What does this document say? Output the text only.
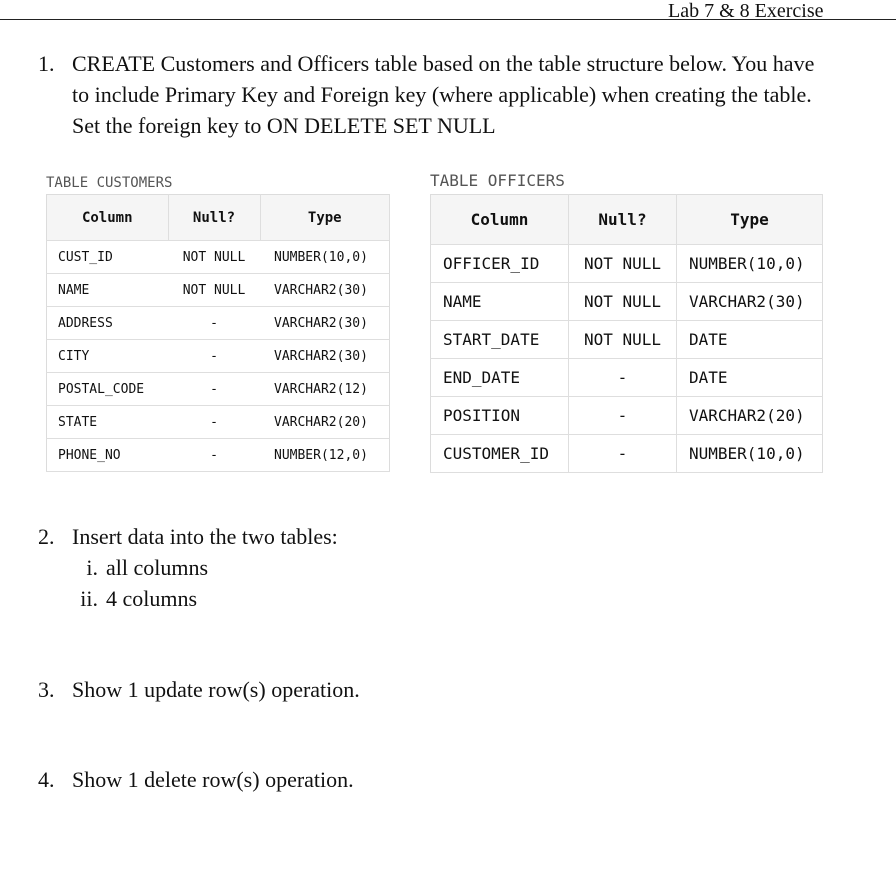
Lab 7 & 8 Exercise
1. CREATE Customers and Officers table based on the table structure below. You have to include Primary Key and Foreign key (where applicable) when creating the table. Set the foreign key to ON DELETE SET NULL
TABLE CUSTOMERS
Column	Null?	Type
CUST_ID	NOT NULL	NUMBER(10,0)
NAME	NOT NULL	VARCHAR2(30)
ADDRESS	-	VARCHAR2(30)
CITY	-	VARCHAR2(30)
POSTAL_CODE	-	VARCHAR2(12)
STATE	-	VARCHAR2(20)
PHONE_NO	-	NUMBER(12,0)
TABLE OFFICERS
Column	Null?	Type
OFFICER_ID	NOT NULL	NUMBER(10,0)
NAME	NOT NULL	VARCHAR2(30)
START_DATE	NOT NULL	DATE
END_DATE	-	DATE
POSITION	-	VARCHAR2(20)
CUSTOMER_ID	-	NUMBER(10,0)
2. Insert data into the two tables:
i. all columns
ii. 4 columns
3. Show 1 update row(s) operation.
4. Show 1 delete row(s) operation.
